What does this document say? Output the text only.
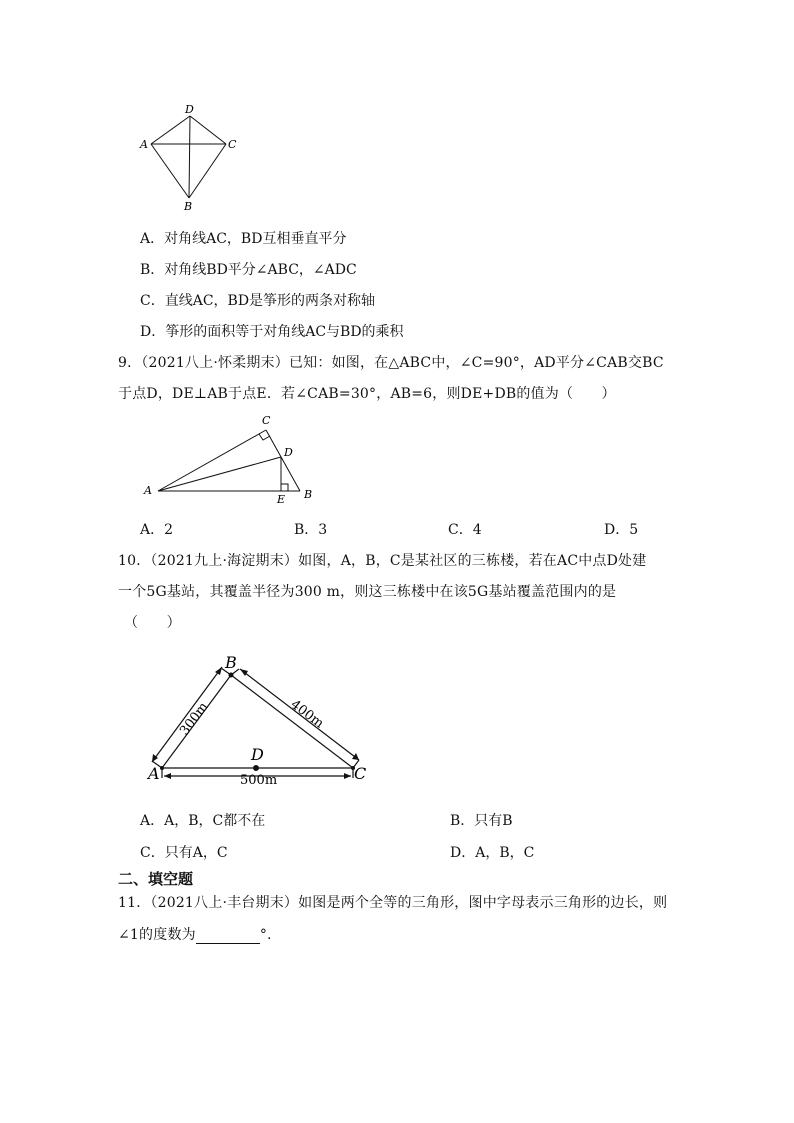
D
A	C
B
A．对角线AC，BD互相垂直平分
B．对角线BD平分∠ABC，∠ADC
C．直线AC，BD是筝形的两条对称轴
D．筝形的面积等于对角线AC与BD的乘积
9．（2021八上·怀柔期末）已知：如图，在△ABC中，∠C=90°，AD平分∠CAB交BC
于点D，DE⊥AB于点E．若∠CAB=30°，AB=6，则DE+DB的值为（　　）
A
C
D
E B
A．2	B．3	C．4	D．5
10．（2021九上·海淀期末）如图，A，B，C是某社区的三栋楼，若在AC中点D处建
一个5G基站，其覆盖半径为300 m，则这三栋楼中在该5G基站覆盖范围内的是
（　　）
B
D
A	C
300m	400m
500m
A．A，B，C都不在	B．只有B
C．只有A，C	D．A，B，C
二、填空题
11．（2021八上·丰台期末）如图是两个全等的三角形，图中字母表示三角形的边长，则
∠1的度数为	°.
